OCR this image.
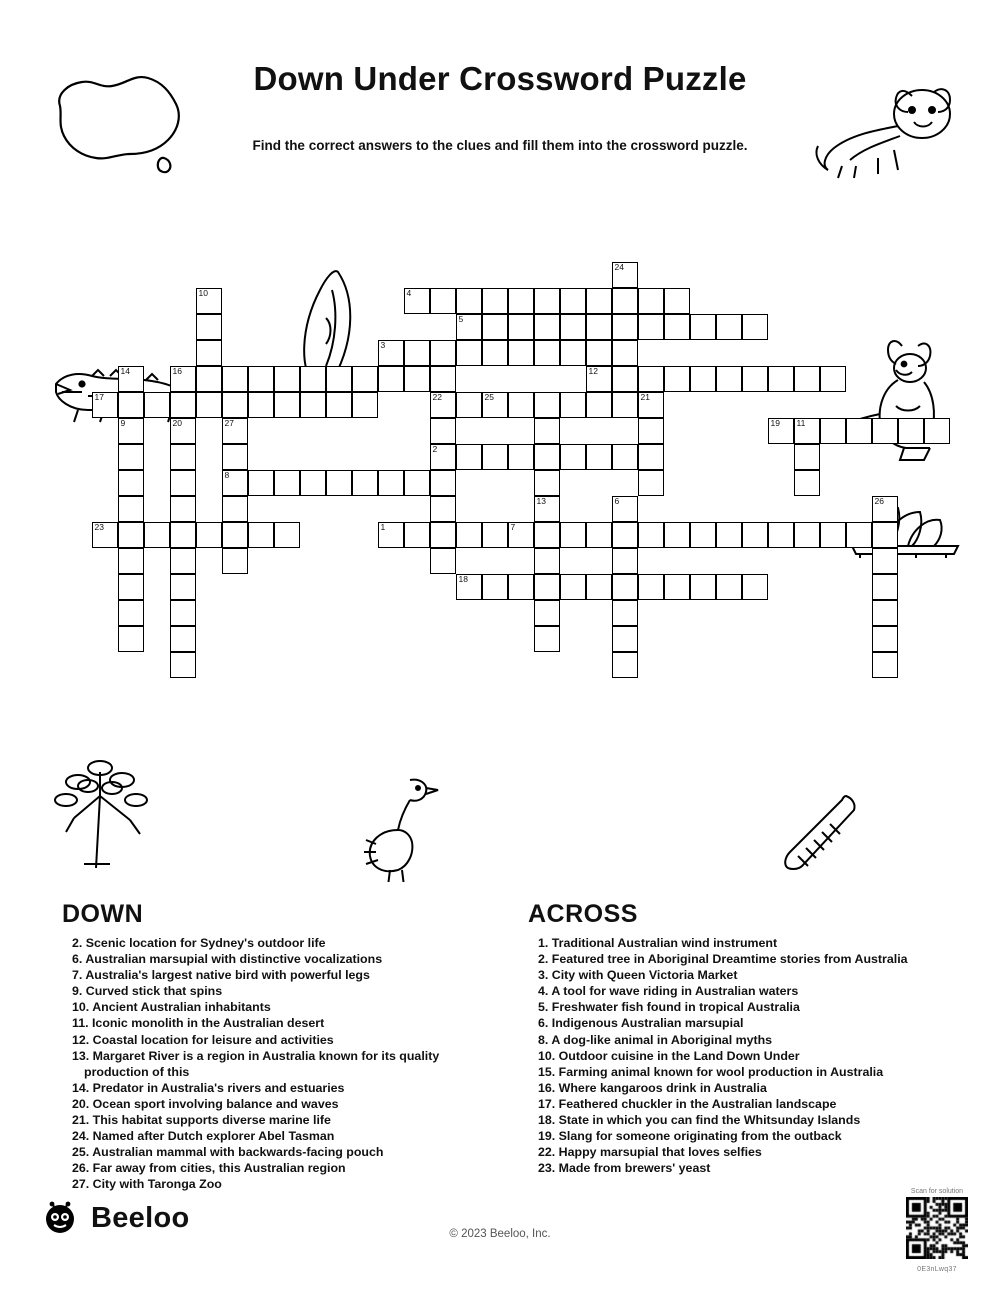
Down Under Crossword Puzzle
Find the correct answers to the clues and fill them into the crossword puzzle.
24
10	4
5
3
14	16	12
17	22	25	21
9	20	27	19 11
2
8
13	6	26
23	1	7
18
DOWN
2. Scenic location for Sydney's outdoor life
6. Australian marsupial with distinctive vocalizations
7. Australia's largest native bird with powerful legs
9. Curved stick that spins
10. Ancient Australian inhabitants
11. Iconic monolith in the Australian desert
12. Coastal location for leisure and activities
13. Margaret River is a region in Australia known for its quality production of this
14. Predator in Australia's rivers and estuaries
20. Ocean sport involving balance and waves
21. This habitat supports diverse marine life
24. Named after Dutch explorer Abel Tasman
25. Australian mammal with backwards-facing pouch
26. Far away from cities, this Australian region
27. City with Taronga Zoo
ACROSS
1. Traditional Australian wind instrument
2. Featured tree in Aboriginal Dreamtime stories from Australia
3. City with Queen Victoria Market
4. A tool for wave riding in Australian waters
5. Freshwater fish found in tropical Australia
6. Indigenous Australian marsupial
8. A dog-like animal in Aboriginal myths
10. Outdoor cuisine in the Land Down Under
15. Farming animal known for wool production in Australia
16. Where kangaroos drink in Australia
17. Feathered chuckler in the Australian landscape
18. State in which you can find the Whitsunday Islands
19. Slang for someone originating from the outback
22. Happy marsupial that loves selfies
23. Made from brewers' yeast
Beeloo
© 2023 Beeloo, Inc.
Scan for solution
0E3nLwq37
